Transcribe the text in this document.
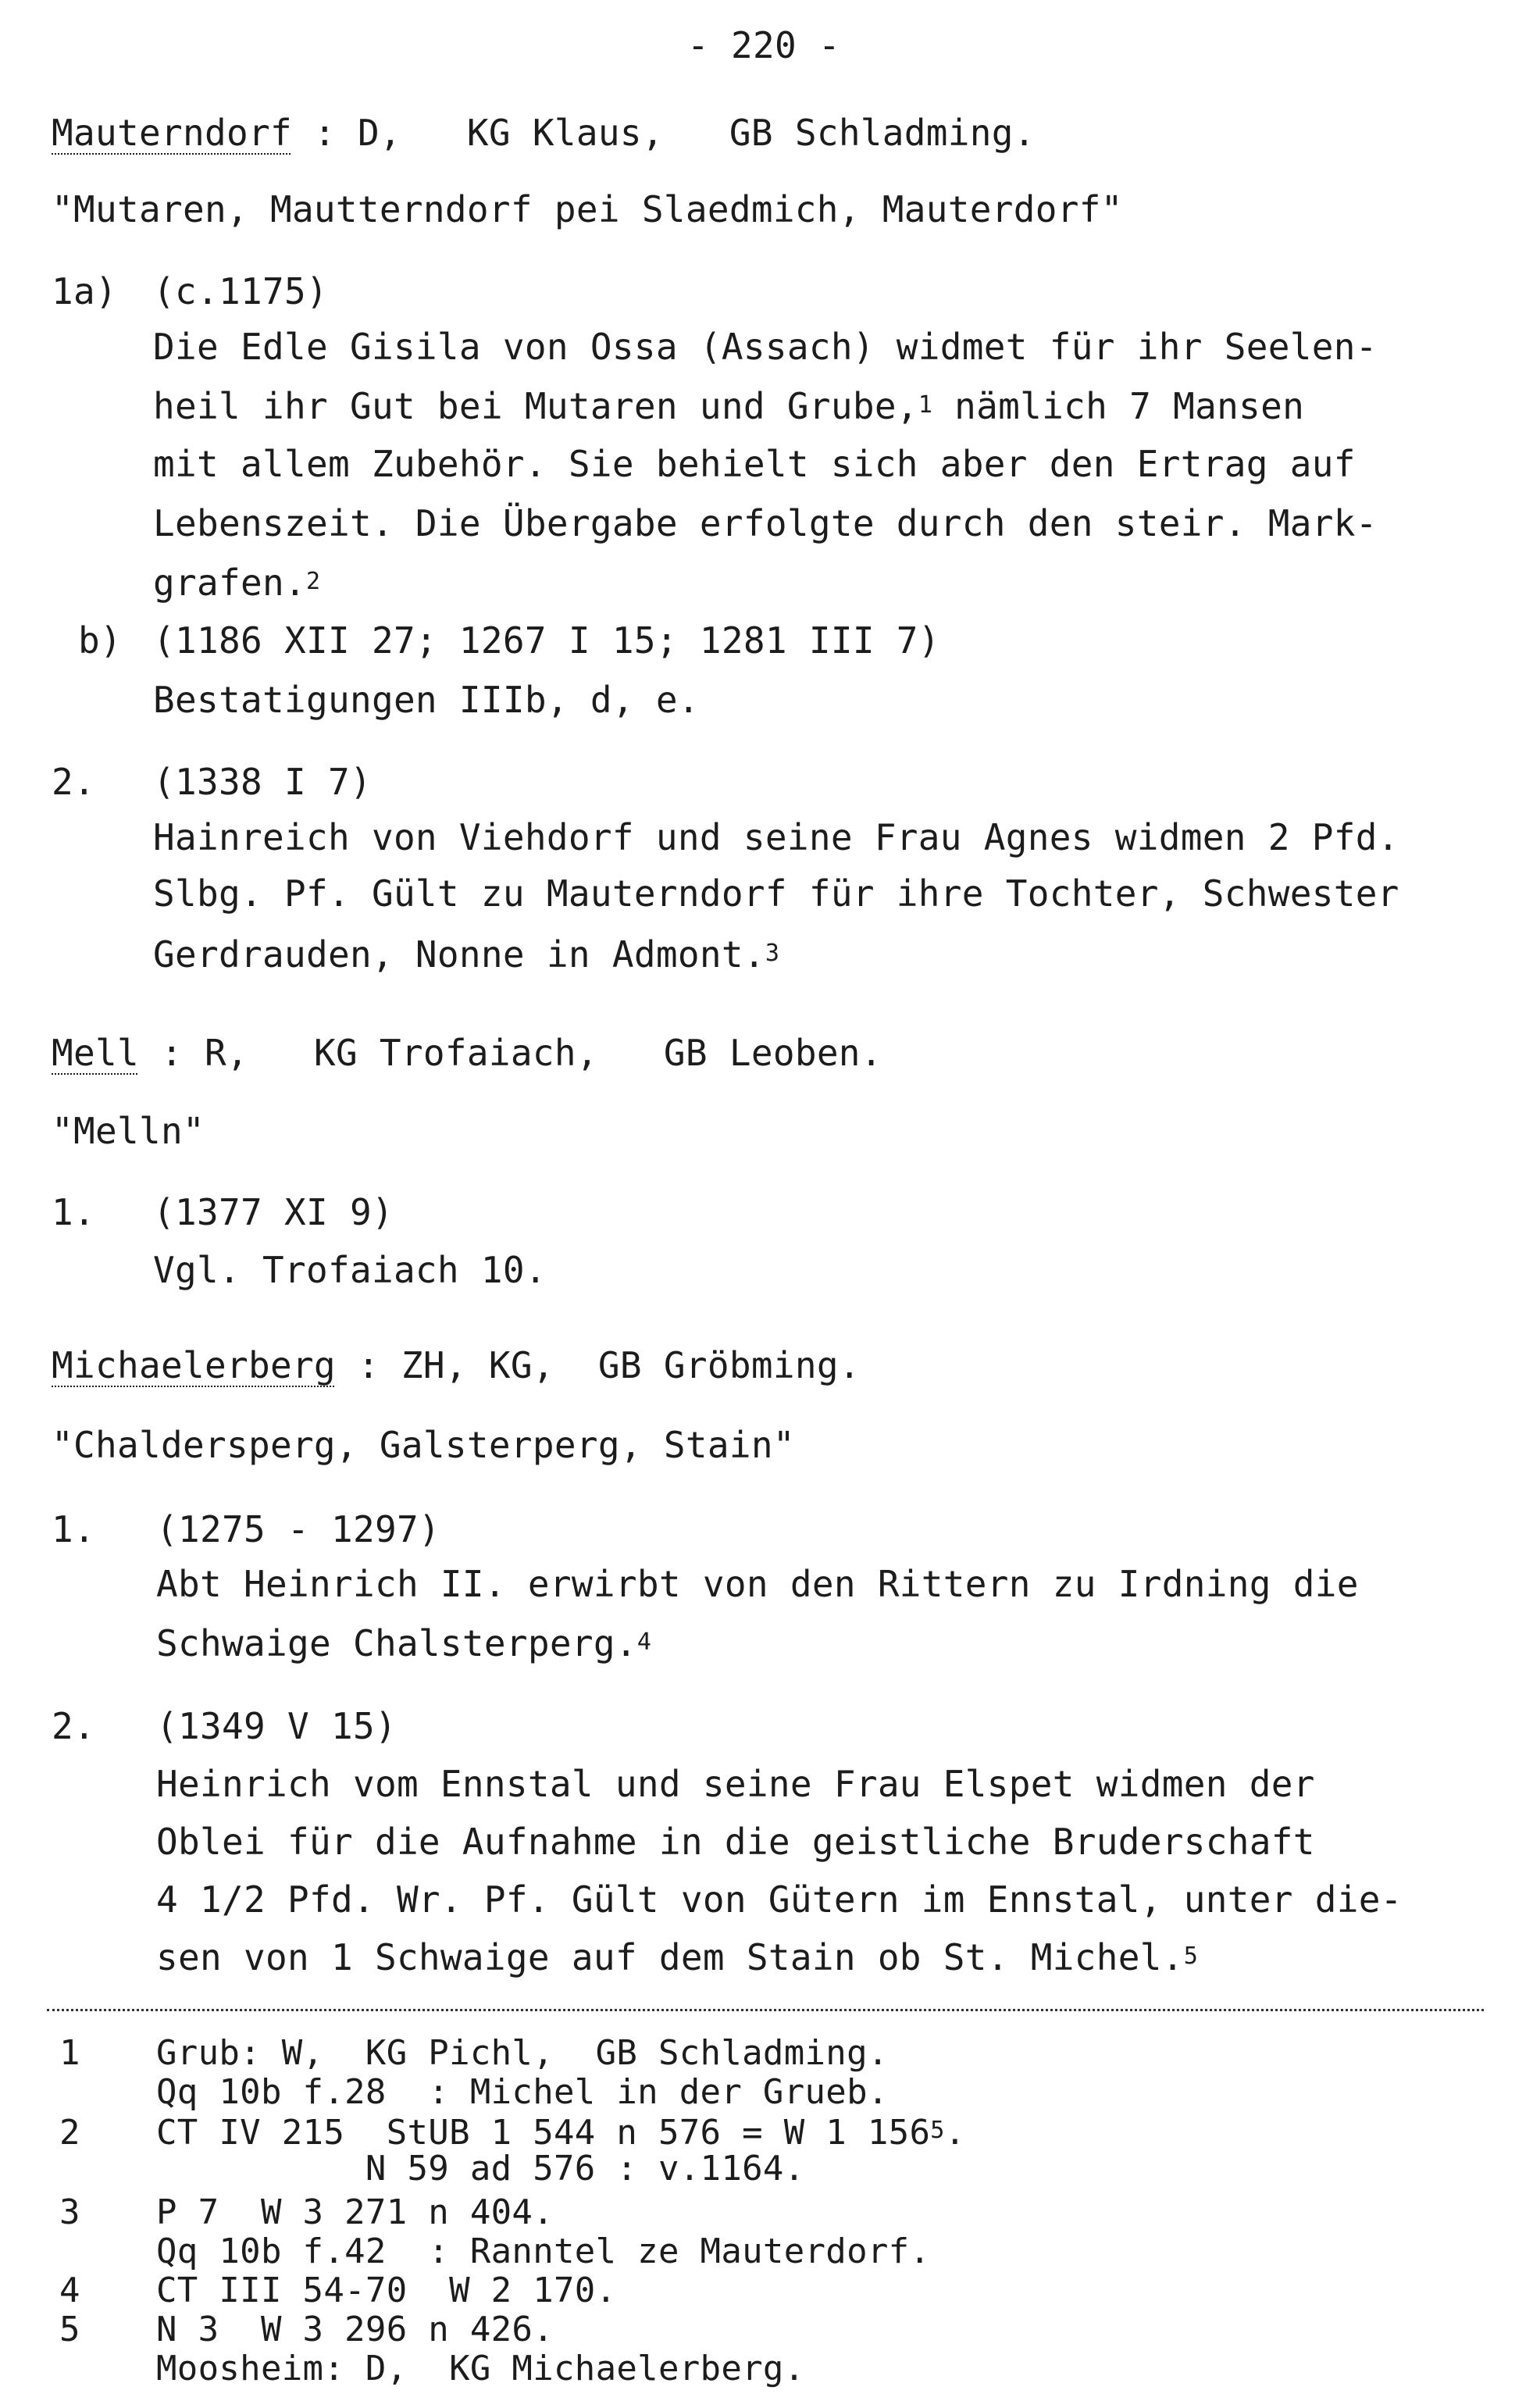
- 220 -
Mauterndorf : D,   KG Klaus,   GB Schladming.
"Mutaren, Mautterndorf pei Slaedmich, Mauterdorf"
1a) (c.1175)
Die Edle Gisila von Ossa (Assach) widmet für ihr Seelen-
heil ihr Gut bei Mutaren und Grube,$^1$ nämlich 7 Mansen
mit allem Zubehör. Sie behielt sich aber den Ertrag auf
Lebenszeit. Die Übergabe erfolgte durch den steir. Mark-
grafen.$^2$
b) (1186 XII 27; 1267 I 15; 1281 III 7)
Bestatigungen IIIb, d, e.
2. (1338 I 7)
Hainreich von Viehdorf und seine Frau Agnes widmen 2 Pfd.
Slbg. Pf. Gült zu Mauterndorf für ihre Tochter, Schwester
Gerdrauden, Nonne in Admont.$^3$
Mell : R,   KG Trofaiach,   GB Leoben.
"Melln"
1. (1377 XI 9)
Vgl. Trofaiach 10.
Michaelerberg : ZH, KG,  GB Gröbming.
"Chaldersperg, Galsterperg, Stain"
1. (1275 - 1297)
Abt Heinrich II. erwirbt von den Rittern zu Irdning die
Schwaige Chalsterperg.$^4$
2. (1349 V 15)
Heinrich vom Ennstal und seine Frau Elspet widmen der
Oblei für die Aufnahme in die geistliche Bruderschaft
4 1/2 Pfd. Wr. Pf. Gült von Gütern im Ennstal, unter die-
sen von 1 Schwaige auf dem Stain ob St. Michel.$^5$
1 Grub: W,  KG Pichl,  GB Schladming.
Qq 10b f.28  : Michel in der Grueb.
2 CT IV 215  StUB 1 544 n 576 = W 1 $156^5$.
N 59 ad 576 : v.1164.
3 P 7  W 3 271 n 404.
Qq 10b f.42  : Ranntel ze Mauterdorf.
4 CT III 54-70  W 2 170.
5 N 3  W 3 296 n 426.
Moosheim: D,  KG Michaelerberg.
